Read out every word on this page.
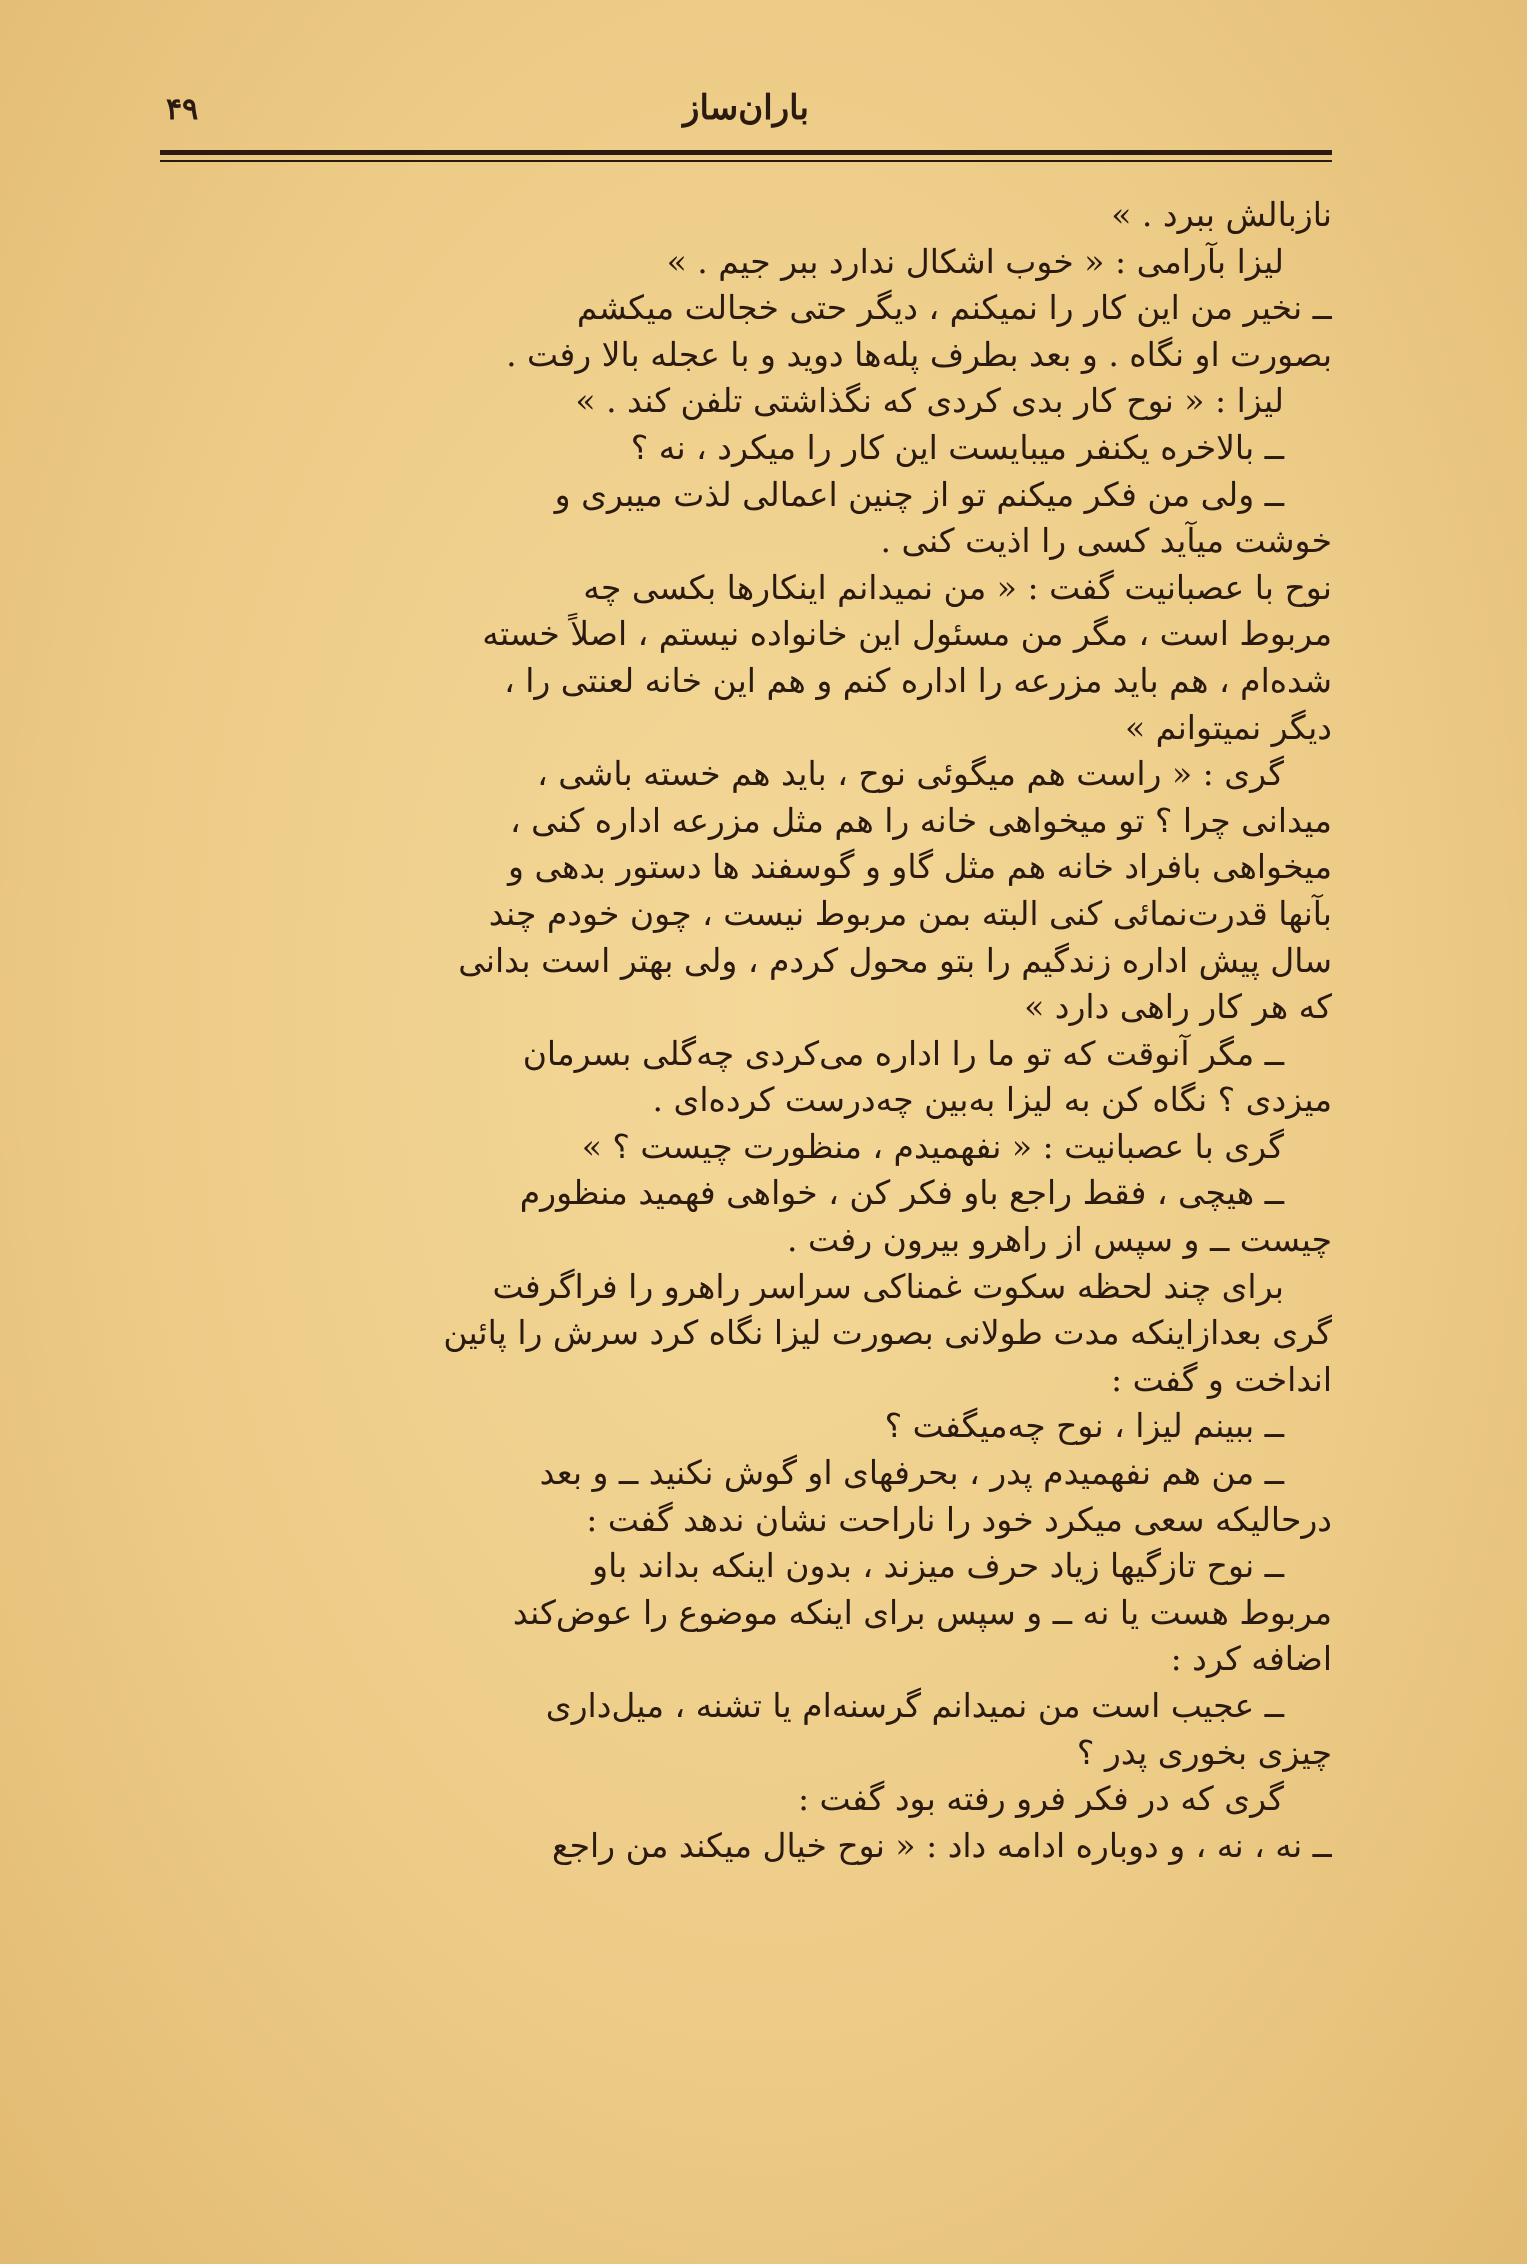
۴۹	باران‌ساز
نازبالش ببرد . »
لیزا بآرامی : « خوب اشکال ندارد ببر جیم . »
ــ نخیر من این کار را نمیکنم ، دیگر حتی خجالت میکشم
بصورت او نگاه . و بعد بطرف پله‌ها دوید و با عجله بالا رفت .
لیزا : « نوح کار بدی کردی که نگذاشتی تلفن کند . »
ــ بالاخره یکنفر میبایست این کار را میکرد ، نه ؟
ــ ولی من فکر میکنم تو از چنین اعمالی لذت میبری و
خوشت میآید کسی را اذیت کنی .
نوح با عصبانیت گفت : « من نمیدانم اینکارها بکسی چه
مربوط است ، مگر من مسئول این خانواده نیستم ، اصلاً خسته
شده‌ام ، هم باید مزرعه را اداره کنم و هم این خانه لعنتی را ،
دیگر نمیتوانم »
گری : « راست هم میگوئی نوح ، باید هم خسته باشی ،
میدانی چرا ؟ تو میخواهی خانه را هم مثل مزرعه اداره کنی ،
میخواهی بافراد خانه هم مثل گاو و گوسفند ها دستور بدهی و
بآنها قدرت‌نمائی کنی البته بمن مربوط نیست ، چون خودم چند
سال پیش اداره زندگیم را بتو محول کردم ، ولی بهتر است بدانی
که هر کار راهی دارد »
ــ مگر آنوقت که تو ما را اداره می‌کردی چه‌گلی بسرمان
میزدی ؟ نگاه کن به لیزا به‌بین چه‌درست کرده‌ای .
گری با عصبانیت : « نفهمیدم ، منظورت چیست ؟ »
ــ هیچی ، فقط راجع باو فکر کن ، خواهی فهمید منظورم
چیست ــ و سپس از راهرو بیرون رفت .
برای چند لحظه سکوت غمناکی سراسر راهرو را فراگرفت
گری بعدازاینکه مدت طولانی بصورت لیزا نگاه کرد سرش را پائین
انداخت و گفت :
ــ ببینم لیزا ، نوح چه‌میگفت ؟
ــ من هم نفهمیدم پدر ، بحرفهای او گوش نکنید ــ و بعد
درحالیکه سعی میکرد خود را ناراحت نشان ندهد گفت :
ــ نوح تازگیها زیاد حرف میزند ، بدون اینکه بداند باو
مربوط هست یا نه ــ و سپس برای اینکه موضوع را عوض‌کند
اضافه کرد :
ــ عجیب است من نمیدانم گرسنه‌ام یا تشنه ، میل‌داری
چیزی بخوری پدر ؟
گری که در فکر فرو رفته بود گفت :
ــ نه ، نه ، و دوباره ادامه داد : « نوح خیال میکند من راجع
